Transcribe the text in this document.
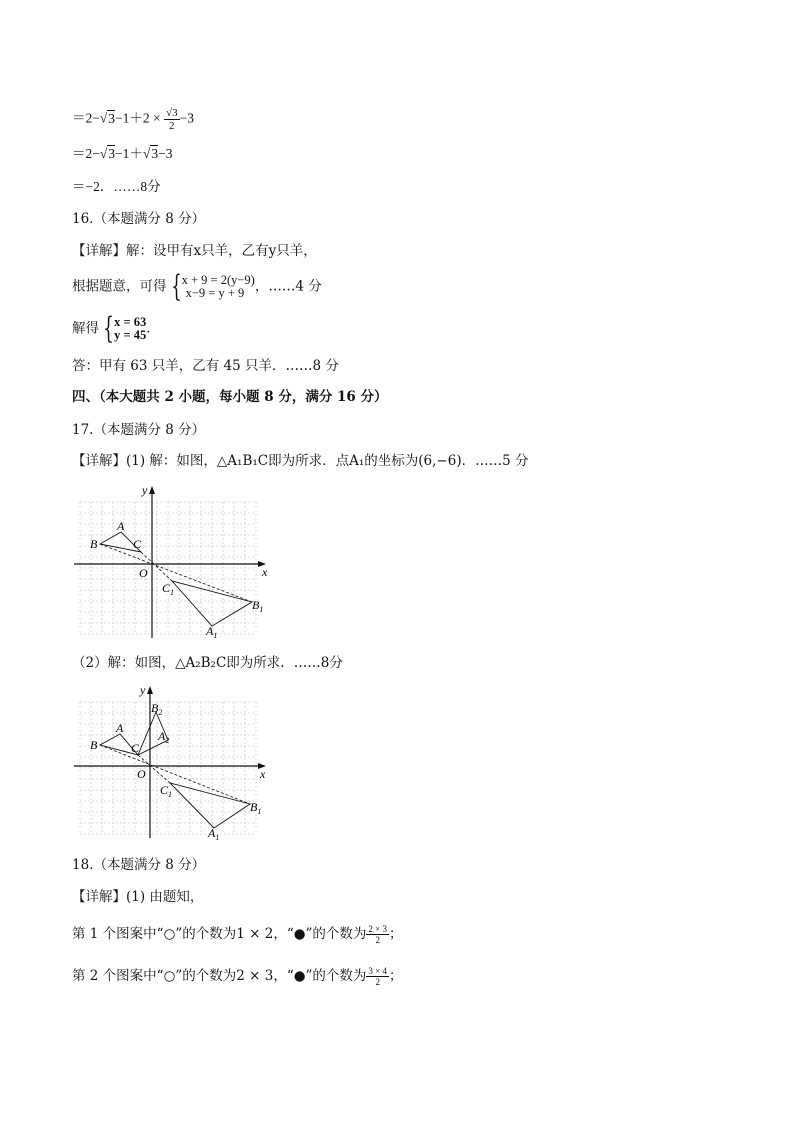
$=2-√3-1+2 \times \frac{√3}{2} -3$
＝2−√3−1＋√3−3
＝−2．……8分
16.（本题满分 8 分）
【详解】解：设甲有x只羊，乙有y只羊，
根据题意，可得 { x + 9 = 2(y−9)
x−9 = y + 9 ，……4 分
解得 { x = 63
y = 45 ．
答：甲有 63 只羊，乙有 45 只羊．……8 分
四、（本大题共 2 小题，每小题 8 分，满分 16 分）
17.（本题满分 8 分）
【详解】(1) 解：如图，△A₁B₁C即为所求．点A₁的坐标为(6,−6)．……5 分
x
y
O
A
B	C
$C_1$
$B_1$
$A_1$
（2）解：如图，△A₂B₂C即为所求．……8分
x
y
O
A
B	C
$B_2$
$A_2$
$C_1$
$B_1$
$A_1$
18.（本题满分 8 分）
【详解】(1) 由题知，
第 1 个图案中“○”的个数为1 × 2，“●”的个数为 $\frac{2 \times 3}{2}$ ；
第 2 个图案中“○”的个数为2 × 3，“●”的个数为 $\frac{3 \times 4}{2}$ ；
